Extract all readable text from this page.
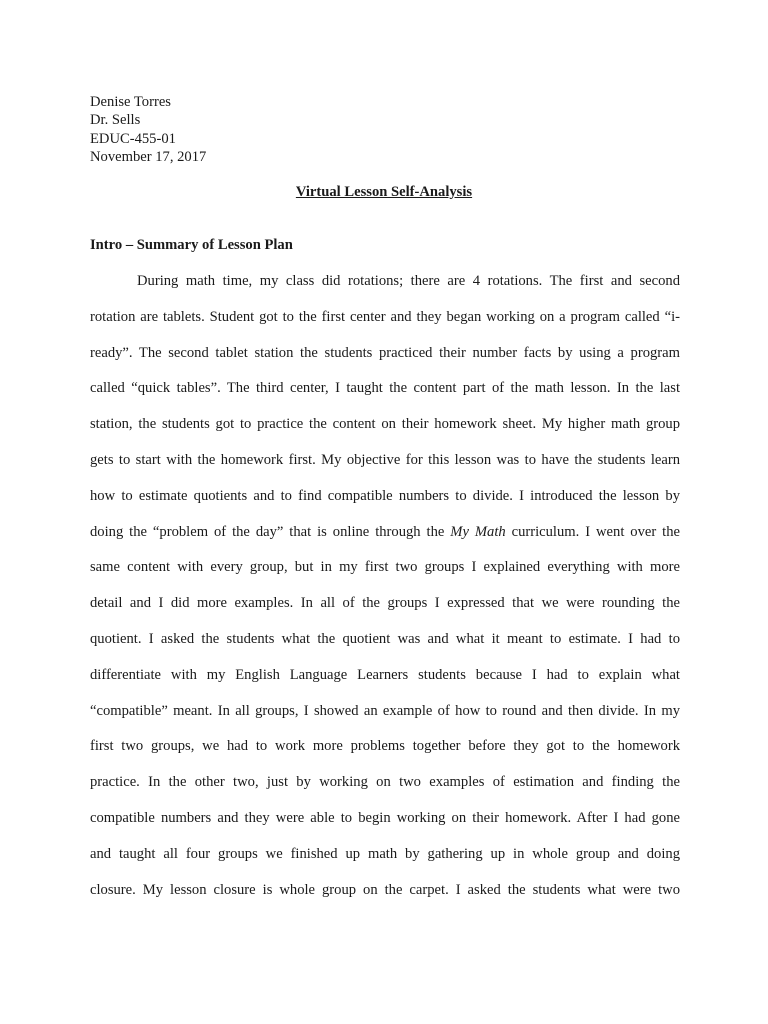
Denise Torres
Dr. Sells
EDUC-455-01
November 17, 2017
Virtual Lesson Self-Analysis
Intro – Summary of Lesson Plan
During math time, my class did rotations; there are 4 rotations. The first and second
rotation are tablets. Student got to the first center and they began working on a program called “i-
ready”. The second tablet station the students practiced their number facts by using a program
called “quick tables”. The third center, I taught the content part of the math lesson. In the last
station, the students got to practice the content on their homework sheet. My higher math group
gets to start with the homework first. My objective for this lesson was to have the students learn
how to estimate quotients and to find compatible numbers to divide. I introduced the lesson by
doing the “problem of the day” that is online through the My Math curriculum. I went over the
same content with every group, but in my first two groups I explained everything with more
detail and I did more examples. In all of the groups I expressed that we were rounding the
quotient. I asked the students what the quotient was and what it meant to estimate. I had to
differentiate with my English Language Learners students because I had to explain what
“compatible” meant. In all groups, I showed an example of how to round and then divide. In my
first two groups, we had to work more problems together before they got to the homework
practice. In the other two, just by working on two examples of estimation and finding the
compatible numbers and they were able to begin working on their homework. After I had gone
and taught all four groups we finished up math by gathering up in whole group and doing
closure. My lesson closure is whole group on the carpet. I asked the students what were two
